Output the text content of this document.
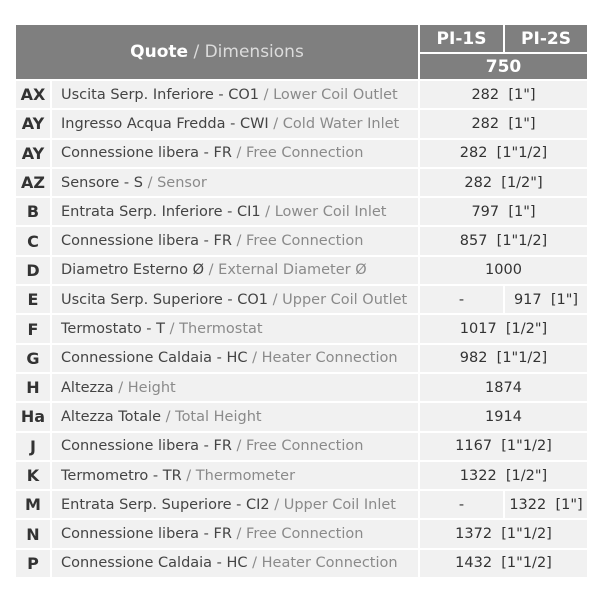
Quote / Dimensions
PI-1S	PI-2S
750
AX	Uscita Serp. Inferiore - CO1 / Lower Coil Outlet	282  [1"]
AY	Ingresso Acqua Fredda - CWI / Cold Water Inlet	282  [1"]
AY	Connessione libera - FR / Free Connection	282  [1"1/2]
AZ	Sensore - S / Sensor	282  [1/2"]
B	Entrata Serp. Inferiore - CI1 / Lower Coil Inlet	797  [1"]
C	Connessione libera - FR / Free Connection	857  [1"1/2]
D	Diametro Esterno Ø / External Diameter Ø	1000
E	Uscita Serp. Superiore - CO1 / Upper Coil Outlet	-	917  [1"]
F	Termostato - T / Thermostat	1017  [1/2"]
G	Connessione Caldaia - HC / Heater Connection	982  [1"1/2]
H	Altezza / Height	1874
Ha	Altezza Totale / Total Height	1914
J	Connessione libera - FR / Free Connection	1167  [1"1/2]
K	Termometro - TR / Thermometer	1322  [1/2"]
M	Entrata Serp. Superiore - CI2 / Upper Coil Inlet	-	1322  [1"]
N	Connessione libera - FR / Free Connection	1372  [1"1/2]
P	Connessione Caldaia - HC / Heater Connection	1432  [1"1/2]
